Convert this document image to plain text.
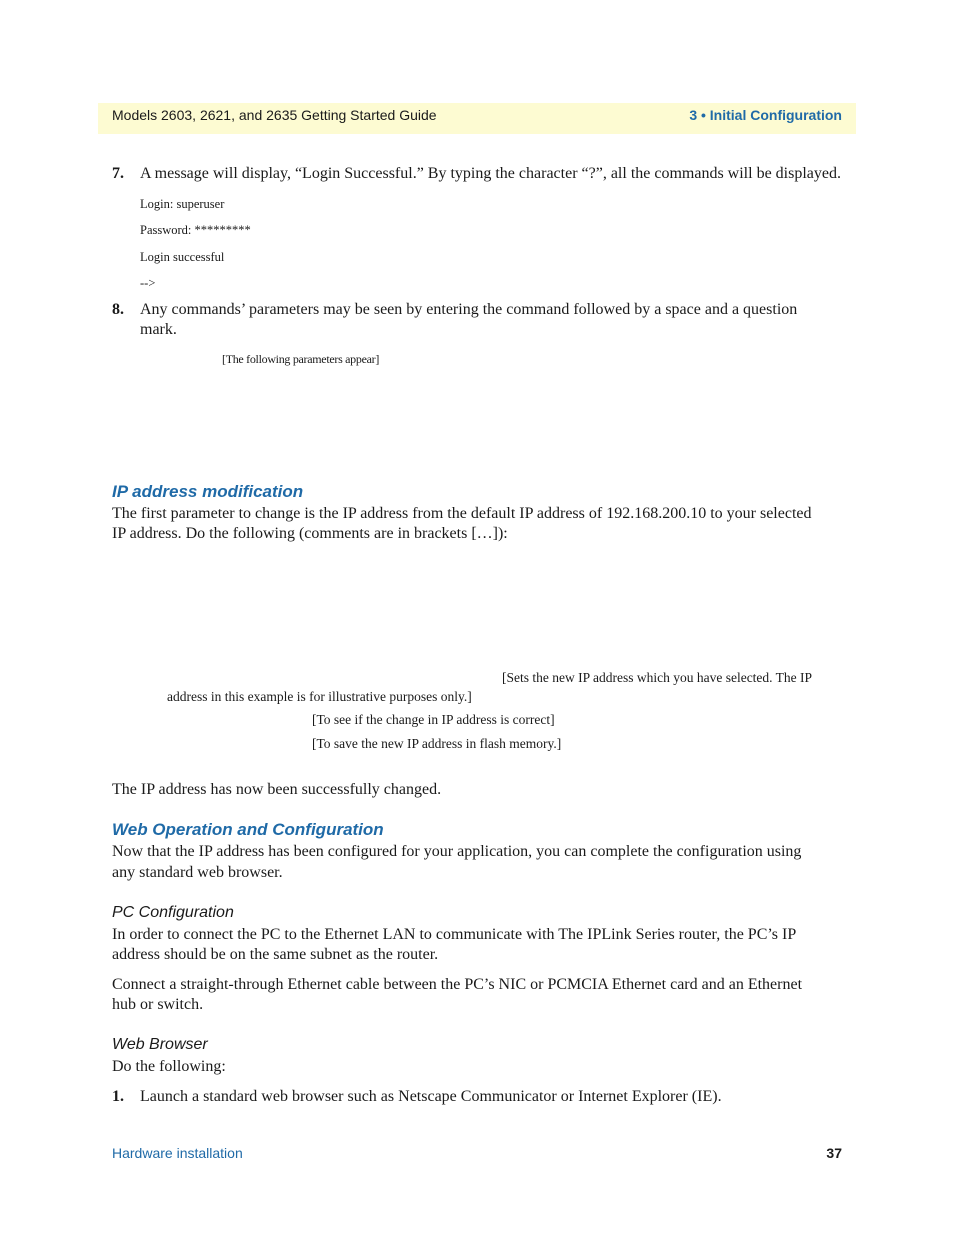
Models 2603, 2621, and 2635 Getting Started Guide	3 • Initial Configuration
7. A message will display, “Login Successful.” By typing the character “?”, all the commands will be displayed.
Login: superuser
Password: *********
Login successful
-->
8. Any commands’ parameters may be seen by entering the command followed by a space and a question
mark.
[The following parameters appear]
IP address modification
The first parameter to change is the IP address from the default IP address of 192.168.200.10 to your selected
IP address. Do the following (comments are in brackets […]):
[Sets the new IP address which you have selected. The IP
address in this example is for illustrative purposes only.]
[To see if the change in IP address is correct]
[To save the new IP address in flash memory.]
The IP address has now been successfully changed.
Web Operation and Configuration
Now that the IP address has been configured for your application, you can complete the configuration using
any standard web browser.
PC Configuration
In order to connect the PC to the Ethernet LAN to communicate with The IPLink Series router, the PC’s IP
address should be on the same subnet as the router.
Connect a straight-through Ethernet cable between the PC’s NIC or PCMCIA Ethernet card and an Ethernet
hub or switch.
Web Browser
Do the following:
1. Launch a standard web browser such as Netscape Communicator or Internet Explorer (IE).
Hardware installation	37
